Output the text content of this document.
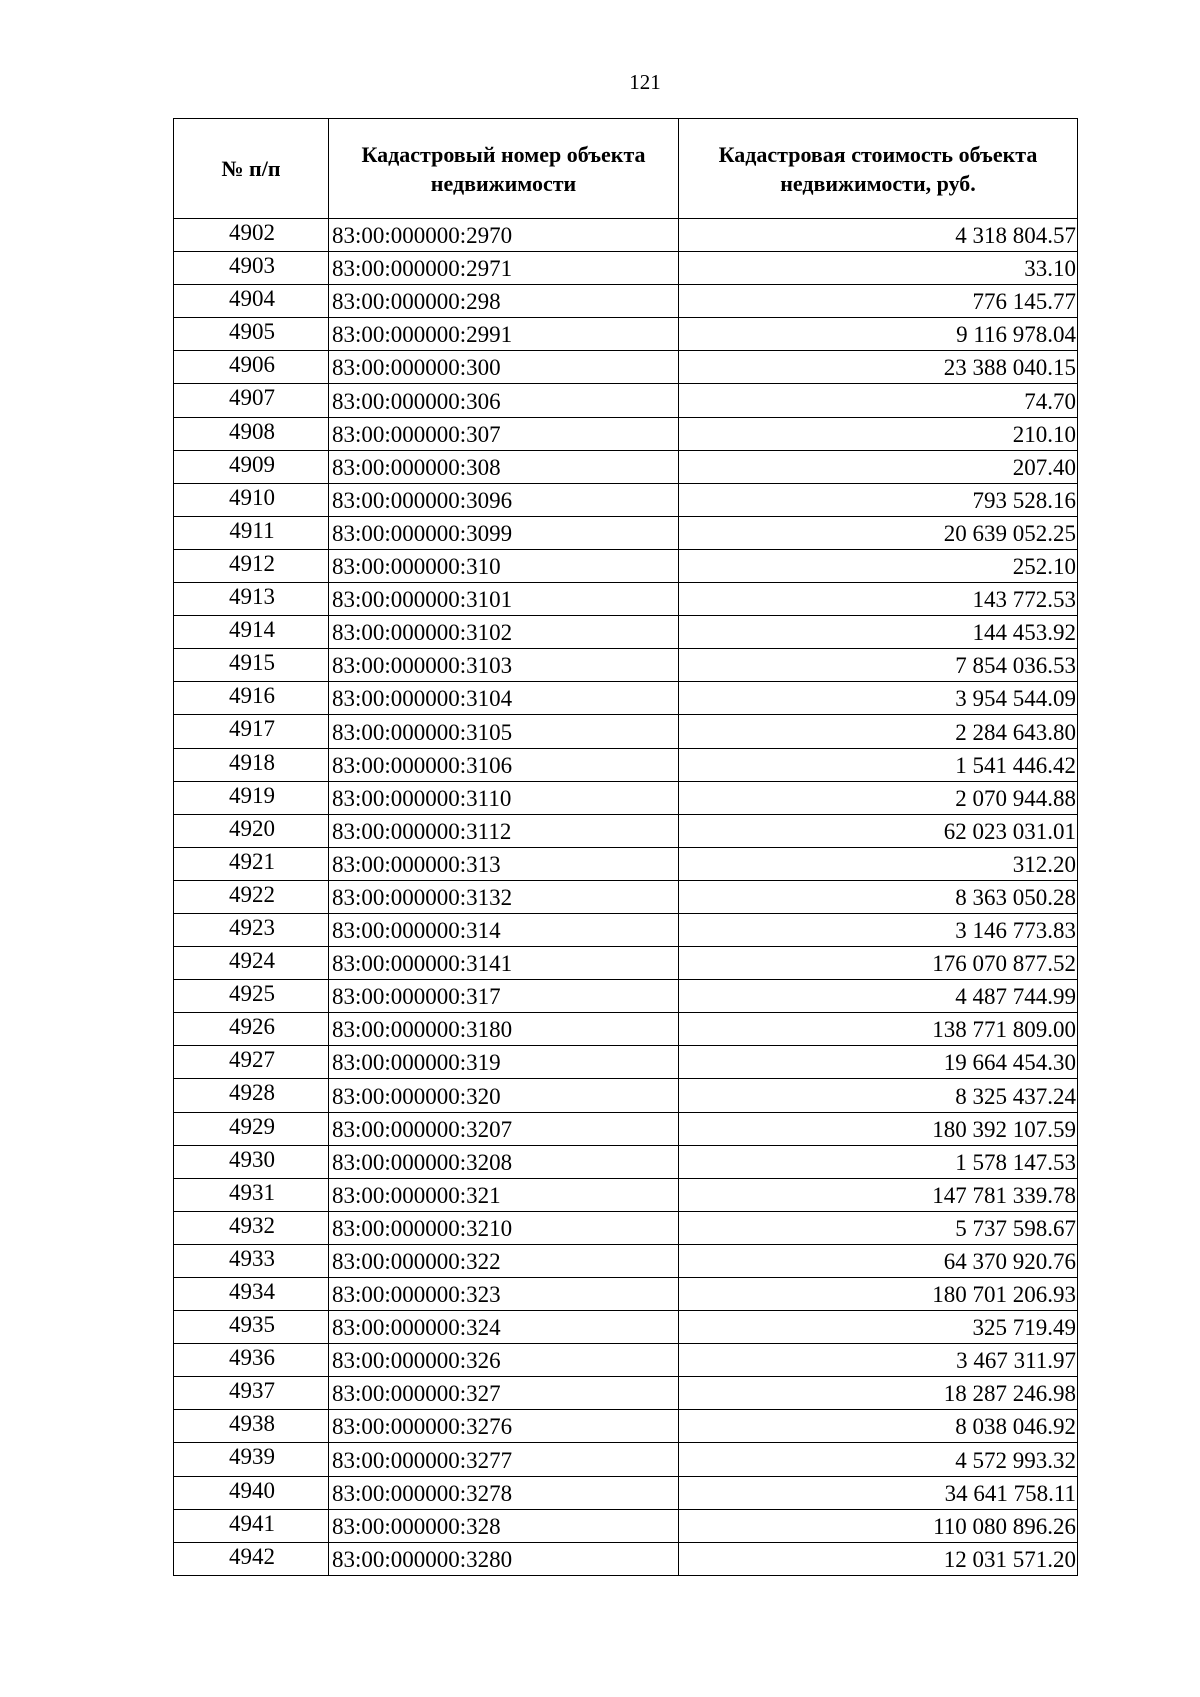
121
№ п/п	Кадастровый номер объекта недвижимости	Кадастровая стоимость объекта недвижимости, руб.
4902	83:00:000000:2970	4 318 804.57
4903	83:00:000000:2971	33.10
4904	83:00:000000:298	776 145.77
4905	83:00:000000:2991	9 116 978.04
4906	83:00:000000:300	23 388 040.15
4907	83:00:000000:306	74.70
4908	83:00:000000:307	210.10
4909	83:00:000000:308	207.40
4910	83:00:000000:3096	793 528.16
4911	83:00:000000:3099	20 639 052.25
4912	83:00:000000:310	252.10
4913	83:00:000000:3101	143 772.53
4914	83:00:000000:3102	144 453.92
4915	83:00:000000:3103	7 854 036.53
4916	83:00:000000:3104	3 954 544.09
4917	83:00:000000:3105	2 284 643.80
4918	83:00:000000:3106	1 541 446.42
4919	83:00:000000:3110	2 070 944.88
4920	83:00:000000:3112	62 023 031.01
4921	83:00:000000:313	312.20
4922	83:00:000000:3132	8 363 050.28
4923	83:00:000000:314	3 146 773.83
4924	83:00:000000:3141	176 070 877.52
4925	83:00:000000:317	4 487 744.99
4926	83:00:000000:3180	138 771 809.00
4927	83:00:000000:319	19 664 454.30
4928	83:00:000000:320	8 325 437.24
4929	83:00:000000:3207	180 392 107.59
4930	83:00:000000:3208	1 578 147.53
4931	83:00:000000:321	147 781 339.78
4932	83:00:000000:3210	5 737 598.67
4933	83:00:000000:322	64 370 920.76
4934	83:00:000000:323	180 701 206.93
4935	83:00:000000:324	325 719.49
4936	83:00:000000:326	3 467 311.97
4937	83:00:000000:327	18 287 246.98
4938	83:00:000000:3276	8 038 046.92
4939	83:00:000000:3277	4 572 993.32
4940	83:00:000000:3278	34 641 758.11
4941	83:00:000000:328	110 080 896.26
4942	83:00:000000:3280	12 031 571.20
